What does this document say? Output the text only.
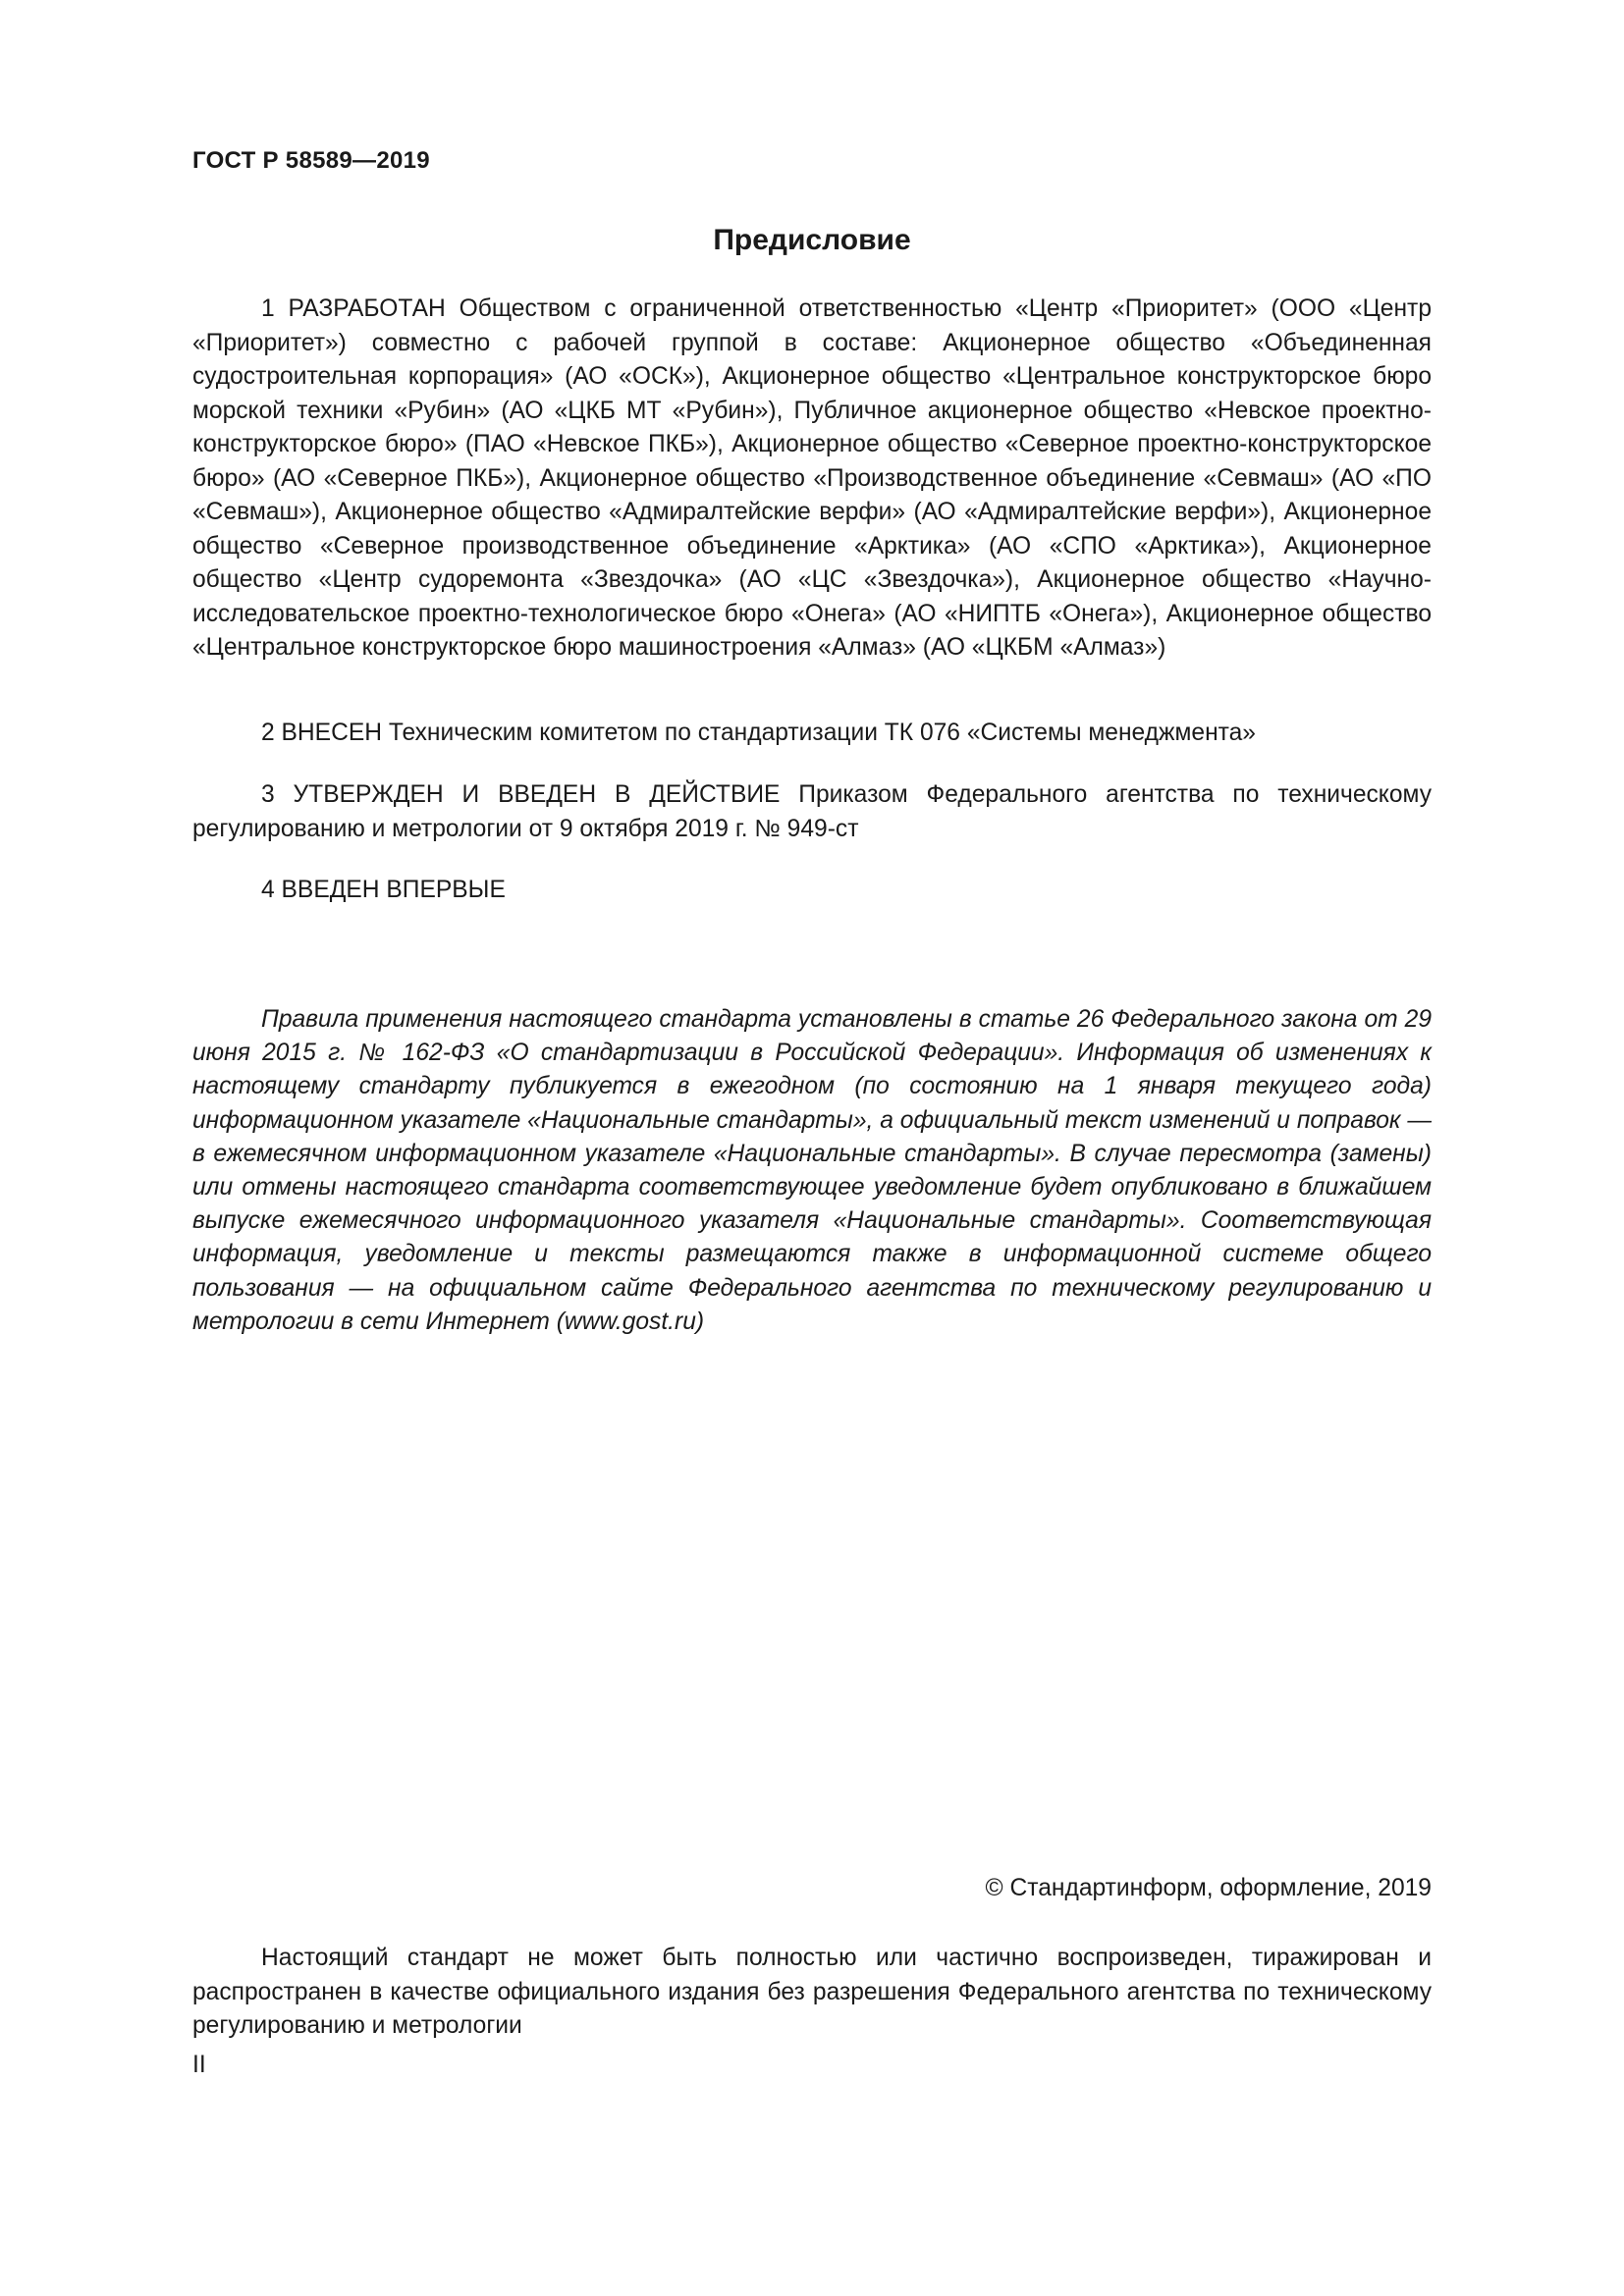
ГОСТ Р 58589—2019
Предисловие

1 РАЗРАБОТАН Обществом с ограниченной ответственностью «Центр «Приоритет» (ООО «Центр «Приоритет») совместно с рабочей группой в составе: Акционерное общество «Объединенная судостроительная корпорация» (АО «ОСК»), Акционерное общество «Центральное конструкторское бюро морской техники «Рубин» (АО «ЦКБ МТ «Рубин»), Публичное акционерное общество «Невское проектно-конструкторское бюро» (ПАО «Невское ПКБ»), Акционерное общество «Северное проектно-конструкторское бюро» (АО «Северное ПКБ»), Акционерное общество «Производственное объединение «Севмаш» (АО «ПО «Севмаш»), Акционерное общество «Адмиралтейские верфи» (АО «Адмиралтейские верфи»), Акционерное общество «Северное производственное объединение «Арктика» (АО «СПО «Арктика»), Акционерное общество «Центр судоремонта «Звездочка» (АО «ЦС «Звездочка»), Акционерное общество «Научно-исследовательское проектно-технологическое бюро «Онега» (АО «НИПТБ «Онега»), Акционерное общество «Центральное конструкторское бюро машиностроения «Алмаз» (АО «ЦКБМ «Алмаз»)

2 ВНЕСЕН Техническим комитетом по стандартизации ТК 076 «Системы менеджмента»

3 УТВЕРЖДЕН И ВВЕДЕН В ДЕЙСТВИЕ Приказом Федерального агентства по техническому регулированию и метрологии от 9 октября 2019 г. № 949-ст

4 ВВЕДЕН ВПЕРВЫЕ

Правила применения настоящего стандарта установлены в статье 26 Федерального закона от 29 июня 2015 г. № 162-ФЗ «О стандартизации в Российской Федерации». Информация об изменениях к настоящему стандарту публикуется в ежегодном (по состоянию на 1 января текущего года) информационном указателе «Национальные стандарты», а официальный текст изменений и поправок — в ежемесячном информационном указателе «Национальные стандарты». В случае пересмотра (замены) или отмены настоящего стандарта соответствующее уведомление будет опубликовано в ближайшем выпуске ежемесячного информационного указателя «Национальные стандарты». Соответствующая информация, уведомление и тексты размещаются также в информационной системе общего пользования — на официальном сайте Федерального агентства по техническому регулированию и метрологии в сети Интернет (www.gost.ru)

© Стандартинформ, оформление, 2019

Настоящий стандарт не может быть полностью или частично воспроизведен, тиражирован и распространен в качестве официального издания без разрешения Федерального агентства по техническому регулированию и метрологии

II
